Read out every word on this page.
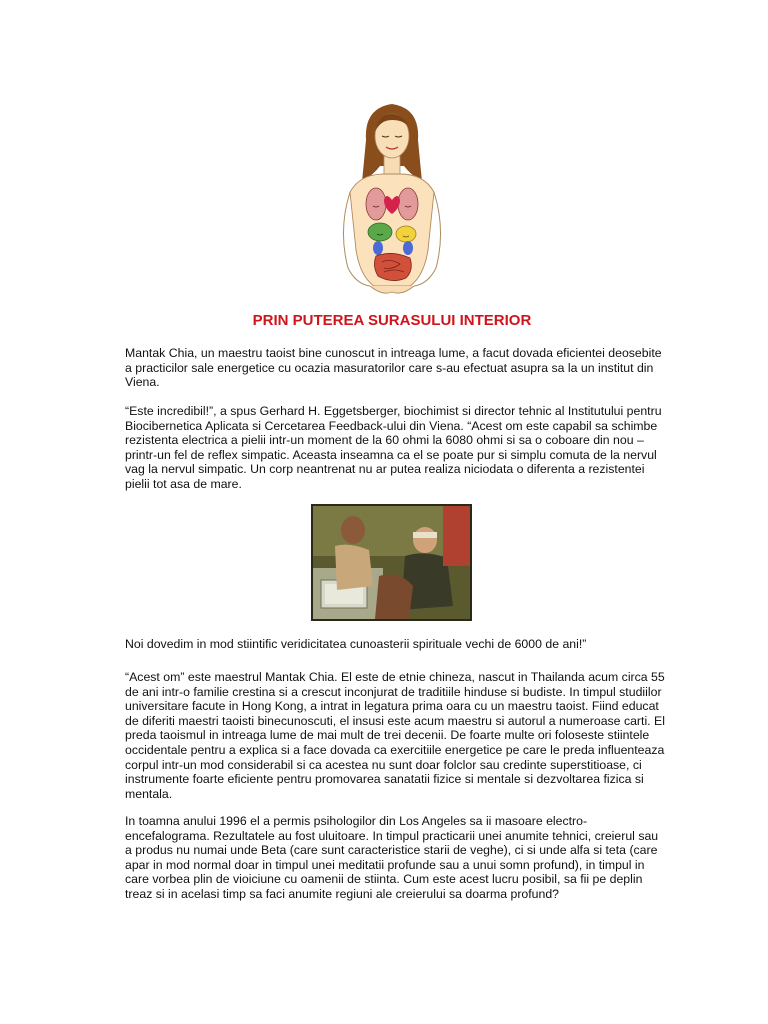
PRIN PUTEREA SURASULUI INTERIOR

Mantak Chia, un maestru taoist bine cunoscut in intreaga lume, a facut dovada eficientei deosebite a practicilor sale energetice cu ocazia masuratorilor care s-au efectuat asupra sa la un institut din Viena.

“Este incredibil!”, a spus Gerhard H. Eggetsberger, biochimist si director tehnic al Institutului pentru Biocibernetica Aplicata si Cercetarea Feedback-ului din Viena. “Acest om este capabil sa schimbe rezistenta electrica a pielii intr-un moment de la 60 ohmi la 6080 ohmi si sa o coboare din nou – printr-un fel de reflex simpatic. Aceasta inseamna ca el se poate pur si simplu comuta de la nervul vag la nervul simpatic. Un corp neantrenat nu ar putea realiza niciodata o diferenta a rezistentei pielii tot asa de mare.

Noi dovedim in mod stiintific veridicitatea cunoasterii spirituale vechi de 6000 de ani!”

“Acest om” este maestrul Mantak Chia. El este de etnie chineza, nascut in Thailanda acum circa 55 de ani intr-o familie crestina si a crescut inconjurat de traditiile hinduse si budiste. In timpul studiilor universitare facute in Hong Kong, a intrat in legatura prima oara cu un maestru taoist. Fiind educat de diferiti maestri taoisti binecunoscuti, el insusi este acum maestru si autorul a numeroase carti. El preda taoismul in intreaga lume de mai mult de trei decenii. De foarte multe ori foloseste stiintele occidentale pentru a explica si a face dovada ca exercitiile energetice pe care le preda influenteaza corpul intr-un mod considerabil si ca acestea nu sunt doar folclor sau credinte superstitioase, ci instrumente foarte eficiente pentru promovarea sanatatii fizice si mentale si dezvoltarea fizica si mentala.

In toamna anului 1996 el a permis psihologilor din Los Angeles sa ii masoare electro-encefalograma. Rezultatele au fost uluitoare. In timpul practicarii unei anumite tehnici, creierul sau a produs nu numai unde Beta (care sunt caracteristice starii de veghe), ci si unde alfa si teta (care apar in mod normal doar in timpul unei meditatii profunde sau a unui somn profund), in timpul in care vorbea plin de vioiciune cu oamenii de stiinta. Cum este acest lucru posibil, sa fii pe deplin treaz si in acelasi timp sa faci anumite regiuni ale creierului sa doarma profund?
